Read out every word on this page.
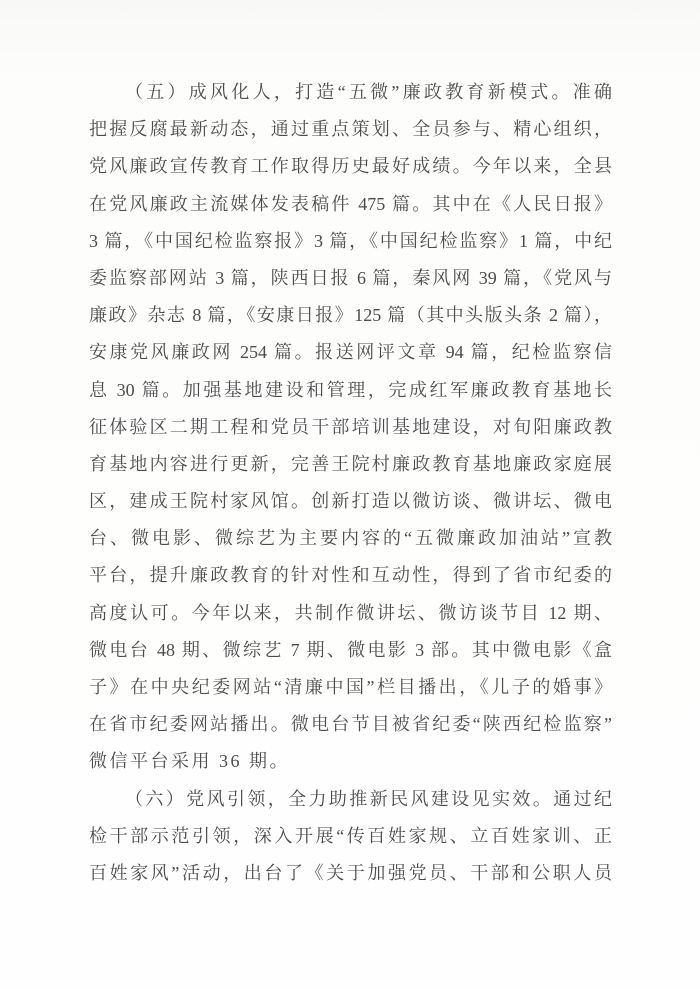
（五）成风化人，打造“五微”廉政教育新模式。准确
把握反腐最新动态，通过重点策划、全员参与、精心组织，
党风廉政宣传教育工作取得历史最好成绩。今年以来，全县
在党风廉政主流媒体发表稿件 475 篇。其中在《人民日报》
3 篇，《中国纪检监察报》3 篇，《中国纪检监察》1 篇，中纪
委监察部网站 3 篇，陕西日报 6 篇，秦风网 39 篇，《党风与
廉政》杂志 8 篇，《安康日报》125 篇（其中头版头条 2 篇），
安康党风廉政网 254 篇。报送网评文章 94 篇，纪检监察信
息 30 篇。加强基地建设和管理，完成红军廉政教育基地长
征体验区二期工程和党员干部培训基地建设，对旬阳廉政教
育基地内容进行更新，完善王院村廉政教育基地廉政家庭展
区，建成王院村家风馆。创新打造以微访谈、微讲坛、微电
台、微电影、微综艺为主要内容的“五微廉政加油站”宣教
平台，提升廉政教育的针对性和互动性，得到了省市纪委的
高度认可。今年以来，共制作微讲坛、微访谈节目 12 期、
微电台 48 期、微综艺 7 期、微电影 3 部。其中微电影《盒
子》在中央纪委网站“清廉中国”栏目播出，《儿子的婚事》
在省市纪委网站播出。微电台节目被省纪委“陕西纪检监察”
微信平台采用 36 期。
（六）党风引领，全力助推新民风建设见实效。通过纪
检干部示范引领，深入开展“传百姓家规、立百姓家训、正
百姓家风”活动，出台了《关于加强党员、干部和公职人员
